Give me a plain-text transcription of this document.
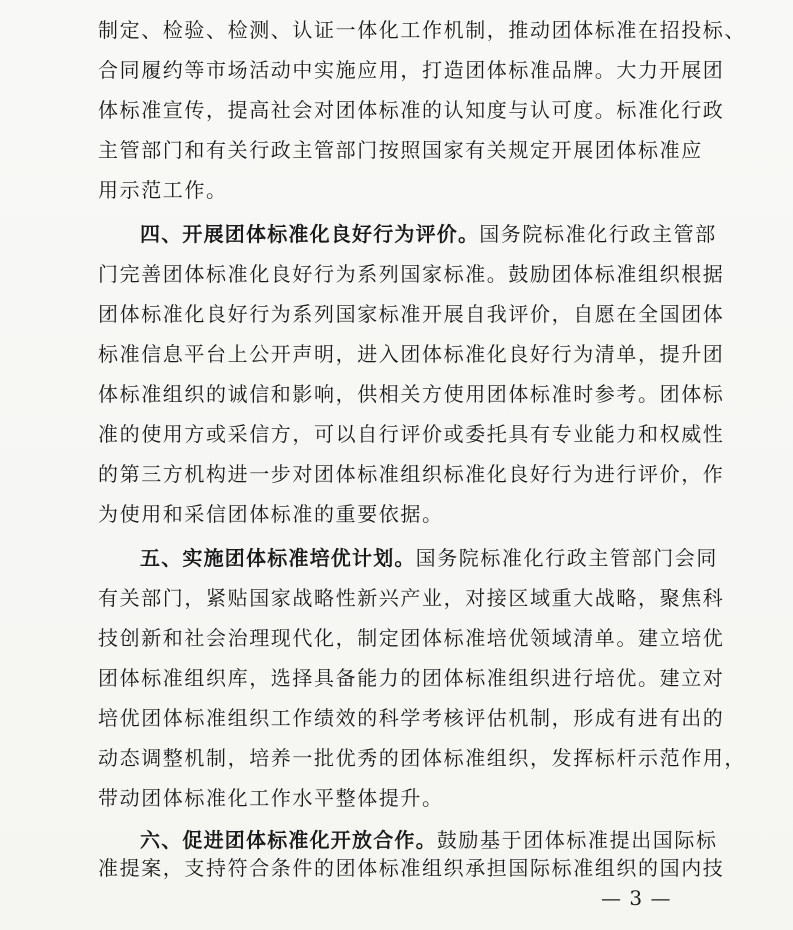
制定、检验、检测、认证一体化工作机制，推动团体标准在招投标、
合同履约等市场活动中实施应用，打造团体标准品牌。大力开展团
体标准宣传，提高社会对团体标准的认知度与认可度。标准化行政
主管部门和有关行政主管部门按照国家有关规定开展团体标准应
用示范工作。
四、开展团体标准化良好行为评价。国务院标准化行政主管部
门完善团体标准化良好行为系列国家标准。鼓励团体标准组织根据
团体标准化良好行为系列国家标准开展自我评价，自愿在全国团体
标准信息平台上公开声明，进入团体标准化良好行为清单，提升团
体标准组织的诚信和影响，供相关方使用团体标准时参考。团体标
准的使用方或采信方，可以自行评价或委托具有专业能力和权威性
的第三方机构进一步对团体标准组织标准化良好行为进行评价，作
为使用和采信团体标准的重要依据。
五、实施团体标准培优计划。国务院标准化行政主管部门会同
有关部门，紧贴国家战略性新兴产业，对接区域重大战略，聚焦科
技创新和社会治理现代化，制定团体标准培优领域清单。建立培优
团体标准组织库，选择具备能力的团体标准组织进行培优。建立对
培优团体标准组织工作绩效的科学考核评估机制，形成有进有出的
动态调整机制，培养一批优秀的团体标准组织，发挥标杆示范作用，
带动团体标准化工作水平整体提升。
六、促进团体标准化开放合作。鼓励基于团体标准提出国际标
准提案，支持符合条件的团体标准组织承担国际标准组织的国内技
— 3 —
